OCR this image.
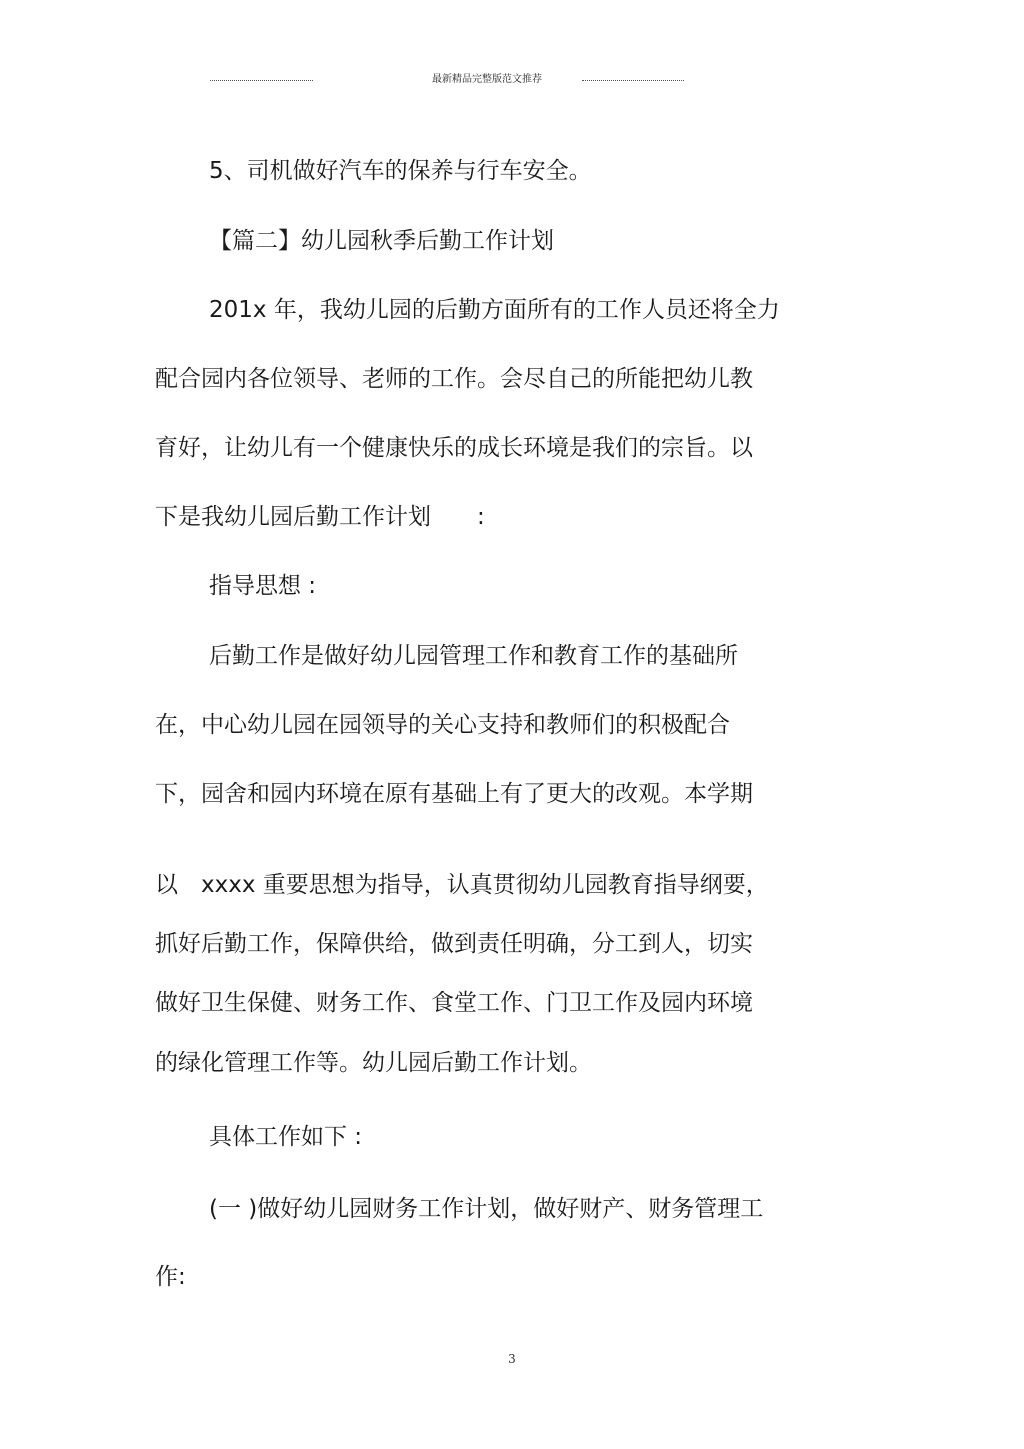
最新精品完整版范文推荐
5、司机做好汽车的保养与行车安全。
【篇二】幼儿园秋季后勤工作计划
201x 年，我幼儿园的后勤方面所有的工作人员还将全力
配合园内各位领导、老师的工作。会尽自己的所能把幼儿教
育好，让幼儿有一个健康快乐的成长环境是我们的宗旨。以
下是我幼儿园后勤工作计划　　:
指导思想 :
后勤工作是做好幼儿园管理工作和教育工作的基础所
在，中心幼儿园在园领导的关心支持和教师们的积极配合
下，园舍和园内环境在原有基础上有了更大的改观。本学期
以　xxxx 重要思想为指导，认真贯彻幼儿园教育指导纲要，
抓好后勤工作，保障供给，做到责任明确，分工到人，切实
做好卫生保健、财务工作、食堂工作、门卫工作及园内环境
的绿化管理工作等。幼儿园后勤工作计划。
具体工作如下 :
(一 )做好幼儿园财务工作计划，做好财产、财务管理工
作:
3
